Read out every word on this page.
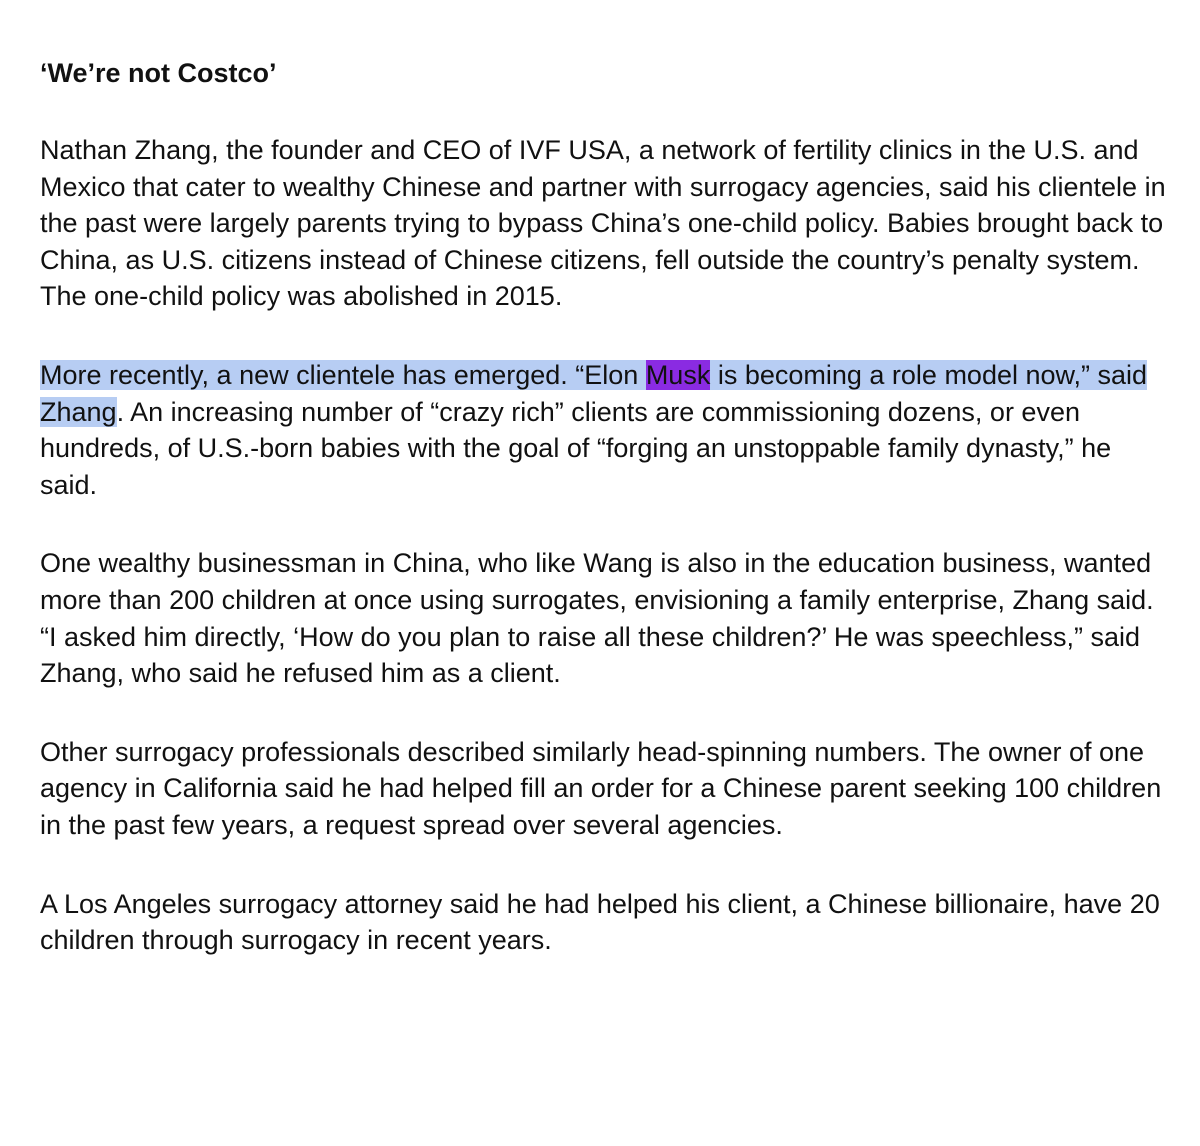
‘We’re not Costco’

Nathan Zhang, the founder and CEO of IVF USA, a network of fertility clinics in the U.S. and Mexico that cater to wealthy Chinese and partner with surrogacy agencies, said his clientele in the past were largely parents trying to bypass China’s one-child policy. Babies brought back to China, as U.S. citizens instead of Chinese citizens, fell outside the country’s penalty system. The one-child policy was abolished in 2015.

More recently, a new clientele has emerged. “Elon Musk is becoming a role model now,” said Zhang. An increasing number of “crazy rich” clients are commissioning dozens, or even hundreds, of U.S.-born babies with the goal of “forging an unstoppable family dynasty,” he said.

One wealthy businessman in China, who like Wang is also in the education business, wanted more than 200 children at once using surrogates, envisioning a family enterprise, Zhang said. “I asked him directly, ‘How do you plan to raise all these children?’ He was speechless,” said Zhang, who said he refused him as a client.

Other surrogacy professionals described similarly head-spinning numbers. The owner of one agency in California said he had helped fill an order for a Chinese parent seeking 100 children in the past few years, a request spread over several agencies.

A Los Angeles surrogacy attorney said he had helped his client, a Chinese billionaire, have 20 children through surrogacy in recent years.
